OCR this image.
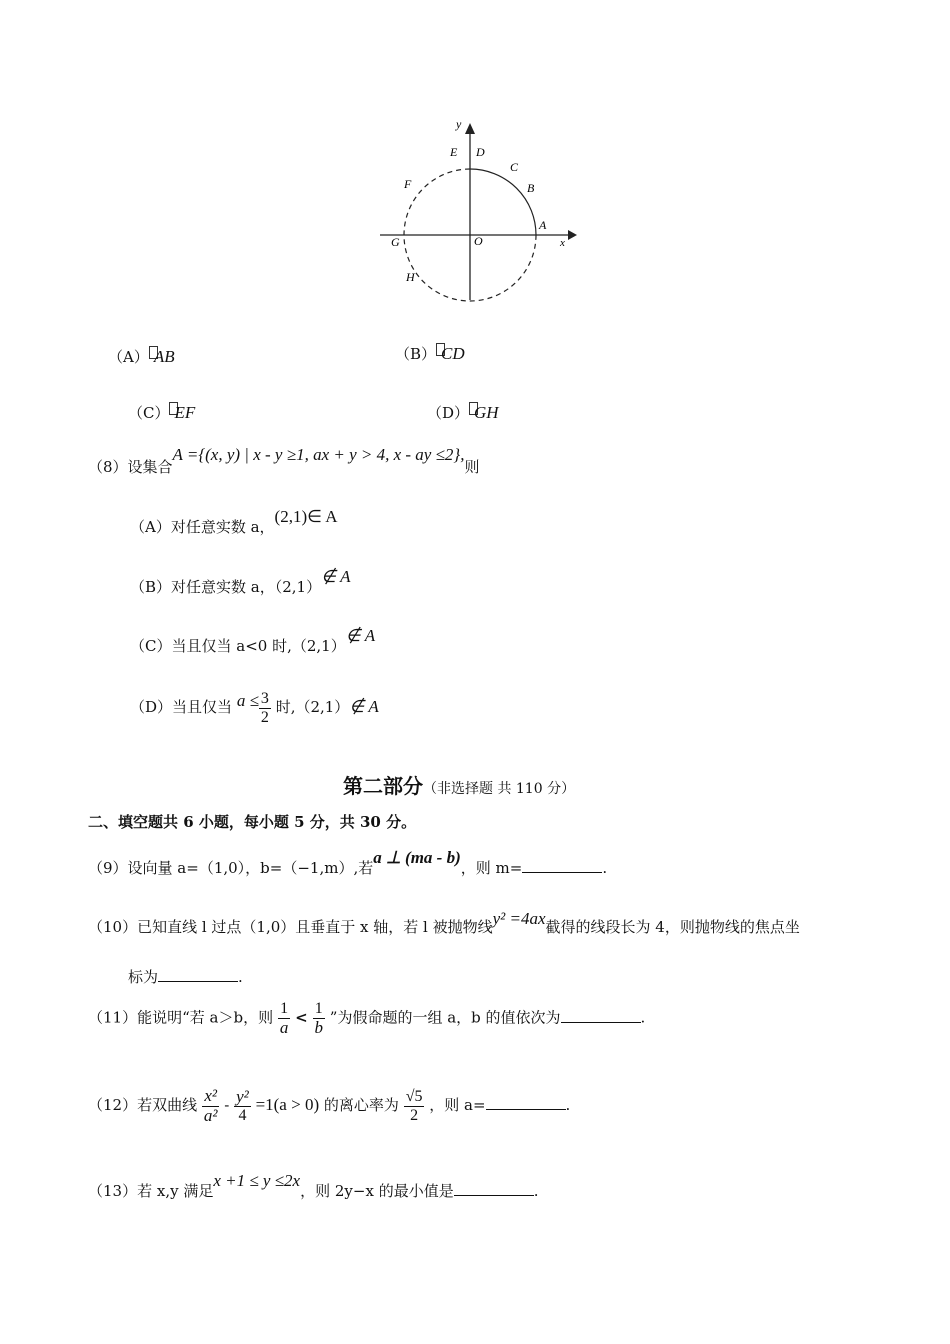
y
x
O
A
B
C
D
E
F
G
H
（A） AB	（B） CD
（C） EF	（D） GH
（8）设集合A ={(x, y) | x - y ≥1, ax + y > 4, x - ay ≤2},则
（A）对任意实数 a，(2,1)∈ A
（B）对任意实数 a，（2,1）∉ A
（C）当且仅当 a<0 时,（2,1）∉ A
（D）当且仅当 $a \le \frac{3}{2}$ 时,（2,1）∉ A
第二部分（非选择题 共 110 分）
二、填空题共 6 小题，每小题 5 分，共 30 分。
（9）设向量 a=（1,0），b=（−1,m）,若a ⊥ (ma - b)，则 m=	.
（10）已知直线 l 过点（1,0）且垂直于 x 轴，若 l 被抛物线y² =4ax截得的线段长为 4，则抛物线的焦点坐
标为	.
（11）能说明“若 a＞b，则 $\frac{1}{a} < \frac{1}{b}$ ”为假命题的一组 a，b 的值依次为	.
（12）若双曲线 $\frac{\text{x²}}{\text{a²}} - \frac{\text{y²}}{4} =1(a > 0)$ 的离心率为 $\frac{√5}{2}$ ，则 a=	.
（13）若 x,y 满足x +1 ≤ y ≤2x，则 2y−x 的最小值是	.
